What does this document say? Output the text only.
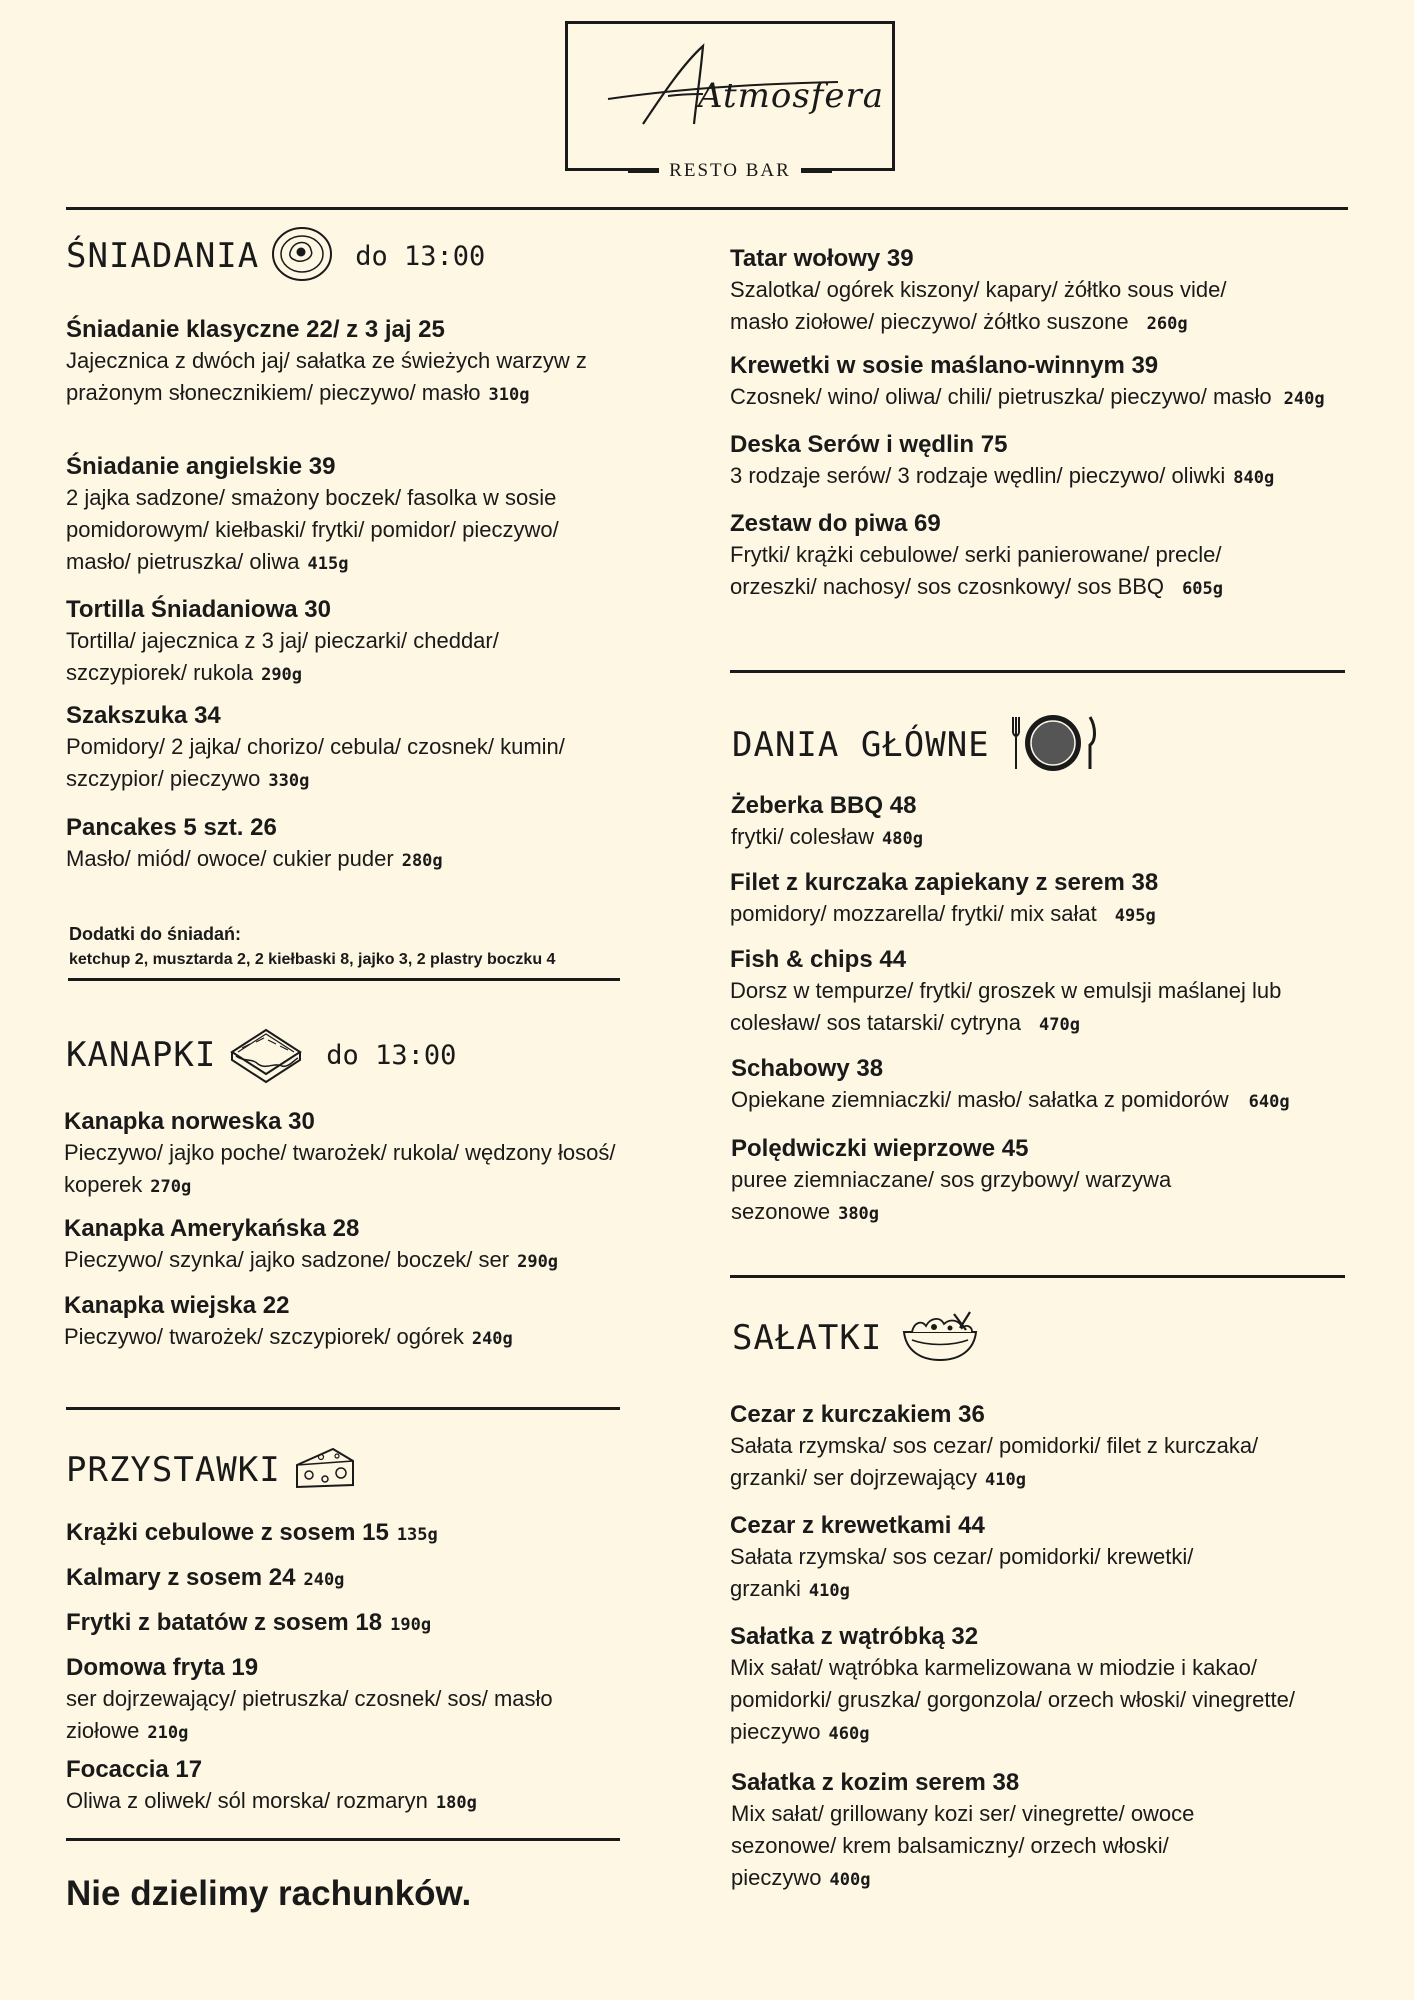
Atmosfera
RESTO BAR
ŚNIADANIA	do 13:00
Śniadanie klasyczne 22/ z 3 jaj 25
Jajecznica z dwóch jaj/ sałatka ze świeżych warzyw z prażonym słonecznikiem/ pieczywo/ masło 310g
Śniadanie angielskie 39
2 jajka sadzone/ smażony boczek/ fasolka w sosie pomidorowym/ kiełbaski/ frytki/ pomidor/ pieczywo/ masło/ pietruszka/ oliwa 415g
Tortilla Śniadaniowa 30
Tortilla/ jajecznica z 3 jaj/ pieczarki/ cheddar/ szczypiorek/ rukola 290g
Szakszuka 34
Pomidory/ 2 jajka/ chorizo/ cebula/ czosnek/ kumin/ szczypior/ pieczywo 330g
Pancakes 5 szt. 26
Masło/ miód/ owoce/ cukier puder 280g
Dodatki do śniadań:
ketchup 2, musztarda 2, 2 kiełbaski 8, jajko 3, 2 plastry boczku 4
KANAPKI	do 13:00
Kanapka norweska 30
Pieczywo/ jajko poche/ twarożek/ rukola/ wędzony łosoś/ koperek 270g
Kanapka Amerykańska 28
Pieczywo/ szynka/ jajko sadzone/ boczek/ ser 290g
Kanapka wiejska 22
Pieczywo/ twarożek/ szczypiorek/ ogórek 240g
PRZYSTAWKI
Krążki cebulowe z sosem 15 135g
Kalmary z sosem 24 240g
Frytki z batatów z sosem 18 190g
Domowa fryta 19
ser dojrzewający/ pietruszka/ czosnek/ sos/ masło ziołowe 210g
Focaccia 17
Oliwa z oliwek/ sól morska/ rozmaryn 180g
Nie dzielimy rachunków.
Tatar wołowy 39
Szalotka/ ogórek kiszony/ kapary/ żółtko sous vide/ masło ziołowe/ pieczywo/ żółtko suszone 260g
Krewetki w sosie maślano-winnym 39
Czosnek/ wino/ oliwa/ chili/ pietruszka/ pieczywo/ masło 240g
Deska Serów i wędlin 75
3 rodzaje serów/ 3 rodzaje wędlin/ pieczywo/ oliwki 840g
Zestaw do piwa 69
Frytki/ krążki cebulowe/ serki panierowane/ precle/ orzeszki/ nachosy/ sos czosnkowy/ sos BBQ 605g
DANIA GŁÓWNE
Żeberka BBQ 48
frytki/ colesław 480g
Filet z kurczaka zapiekany z serem 38
pomidory/ mozzarella/ frytki/ mix sałat 495g
Fish & chips 44
Dorsz w tempurze/ frytki/ groszek w emulsji maślanej lub colesław/ sos tatarski/ cytryna 470g
Schabowy 38
Opiekane ziemniaczki/ masło/ sałatka z pomidorów 640g
Polędwiczki wieprzowe 45
puree ziemniaczane/ sos grzybowy/ warzywa sezonowe 380g
SAŁATKI
Cezar z kurczakiem 36
Sałata rzymska/ sos cezar/ pomidorki/ filet z kurczaka/ grzanki/ ser dojrzewający 410g
Cezar z krewetkami 44
Sałata rzymska/ sos cezar/ pomidorki/ krewetki/ grzanki 410g
Sałatka z wątróbką 32
Mix sałat/ wątróbka karmelizowana w miodzie i kakao/ pomidorki/ gruszka/ gorgonzola/ orzech włoski/ vinegrette/ pieczywo 460g
Sałatka z kozim serem 38
Mix sałat/ grillowany kozi ser/ vinegrette/ owoce sezonowe/ krem balsamiczny/ orzech włoski/ pieczywo 400g
